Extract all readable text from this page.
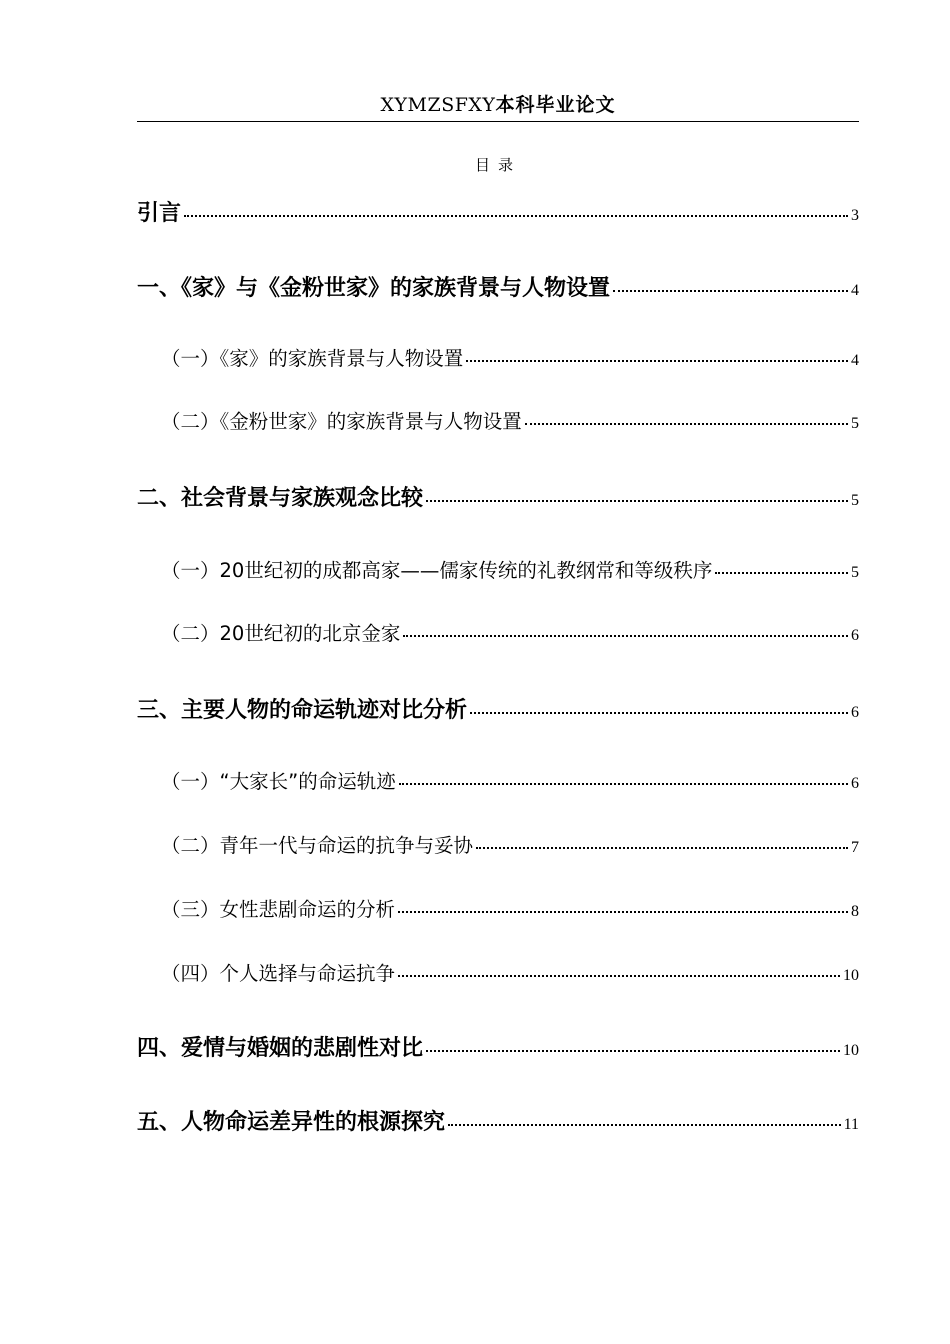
XYMZSFXY本科毕业论文
目录
引言	3
一、《家》与《金粉世家》的家族背景与人物设置	4
（一）《家》的家族背景与人物设置	4
（二）《金粉世家》的家族背景与人物设置	5
二、社会背景与家族观念比较	5
（一）20世纪初的成都高家——儒家传统的礼教纲常和等级秩序	5
（二）20世纪初的北京金家	6
三、主要人物的命运轨迹对比分析	6
（一）“大家长”的命运轨迹	6
（二）青年一代与命运的抗争与妥协	7
（三）女性悲剧命运的分析	8
（四）个人选择与命运抗争	10
四、爱情与婚姻的悲剧性对比	10
五、人物命运差异性的根源探究	11
